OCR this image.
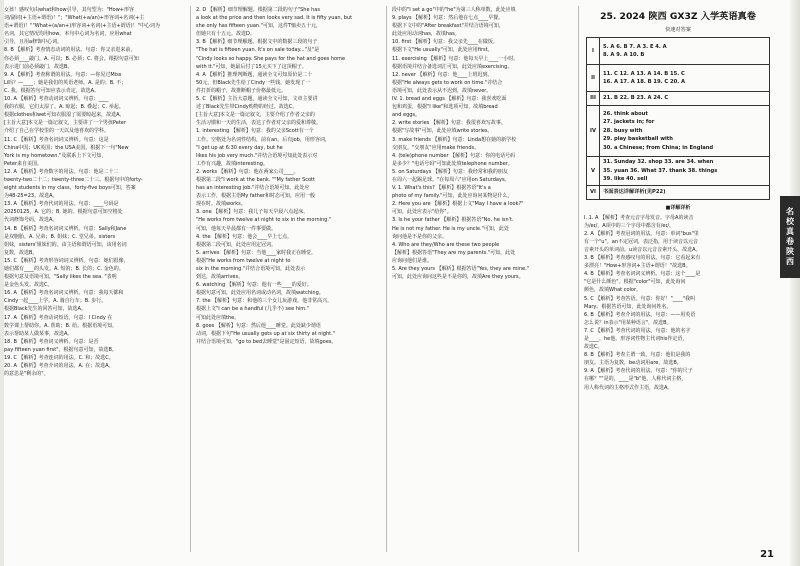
女孩！感叹句由what和how引导，其句型为："How+形容
词/副词(+主语+谓语)！"；"What(+a/an)+形容词+名词(+主
语+谓语)！""What+(a/an+)形容词+名词(+主语+谓语)！"中心词为
名词，其它情况均用how。本句中心词为名词，应用what
引导，且用a修饰中心词。
8. B 【解析】考查情态动词的用法。句意：你父亲进来前，
你必须____敲门。A. 可以；B. 必须；C. 将会。根据句意可知
表示进门前必须敲门，故选B。
9. A 【解析】考查称谓的用法。句意：—你见过Miss
Li吗？—____；她是我们的英语老师。A. 是的；B. 不；
C. 我。根据答句可知应表示肯定，故选A。
10. A 【解析】考查动词词义辨析。句意：____
我的衣服，它们太湿了。A. 晾起；B. 叠起；C. 举起。
根据clothes和wet可知衣服湿了需要晾起来，故选A。
[主旨大意]本文是一篇记叙文，主要讲了一个男孩Peter
介绍了自己在学校里的一天以及他喜欢的学科。
11. C 【解析】考查名词词义辨析。句意：这是
China中国；UK英国；the USA美国。根据下一句"New
York is my hometown."及联系上下文可知，
Peter来自美国。
12. A 【解析】考查数字的用法。句意：他是二十二
twenty-two二十二；twenty-three二十三。根据句中的forty-
eight students in my class、forty-five boys可知，答案
为48-25=23。故选A。
13. A 【解析】考查代词的用法。句意：____号码是
20250125。A. 它的；B. 她的。根据句意可知空格处
代词修饰号码，故选A。
14. B 【解析】考查名词词义辨析。句意：Sally和Jane
是双胞胎。A. 兄弟；B. 姐妹；C. 堂兄弟。sisters
姐妹，sisters'姐妹们的。由主语和谓语可知，该用名词
复数，故选B。
15. C 【解析】考查形容词词义辨析。句意：她们很像，
她们都有____的头发。A. 短的；B. 长的；C. 金色的。
根据句意及语境可知，"Sally likes the sea. "表明
是金色头发。故选C。
16. A 【解析】考查名词词义辨析。句意：我每天都和
Cindy一起____上学。A. 骑自行车；B. 步行。
根据Black先生的回答可知，故选A。
17. A 【解析】考查动词短语。句意：I Cindy 在
数学课上帮助你。A. 帮助；B. 给。根据语境可知，
表示帮助某人做某事，故选A。
18. B 【解析】考查词义辨析。句意：是否
pay fifteen yuan first"，根据句意可知，故选B。
19. C 【解析】考查连词的用法。C. 和；故选C。
20. A 【解析】考查介词的用法。A. 在；故选A。
的意思是"剩余的"。
2. D 【解析】细节理解题。根据第二段的句子"She has
a look at the price and then looks very sad. It is fifty yuan, but
she only has fifteen yuan."可知，这件T恤卖五十元，
但她只有十五元。故选D。
3. B 【解析】细节理解题。根据文中的数据三段的句子
"The hat is fifteen yuan. It's on sale today..."及"是
"Cindy looks so happy. She pays for the hat and goes home
with it."可知，她最后付了15元买下了这顶帽子。
4. A 【解析】推理判断题。通读全文可知原价是二十
50元，但Black先生给了Cindy一些钱，她发现了一
件打折的帽子，故推断帽子价格最低元。
5. C 【解析】主旨大意题。通读全文可知，文章主要讲
述了Black先生带Cindy购物的经过。故选C。
[主旨大意]本文是一篇记叙文，主要介绍了作者父亲的
生活习惯和一天的生活，表达了作者对父亲的爱和尊敬。
1. interesting 【解析】句意：我的父亲Scott有一个
工作。空格处为名词性结构，前有an，后有job，用形容词，
"I get up at 6:30 every day, but he
likes his job very much."并结合语境可知此处表示对
工作有兴趣，故填interesting。
2. works 【解析】句意：他在两家公司____。
根据第二段"I work at the bank. ""My father Scott
has an interesting job."并结合语境可知，此处应
表示工作，根据主语My father和时态可知，应用一般
现在时。故填works。
3. one 【解析】句意：我儿子每天早晨六点起床，
"He works from twelve at night to six in the morning."
可知，他每天早晨都有一件事要做。
4. the 【解析】句意：他会____早上七点。
根据第二段可知，此处应用定冠词。
5. arrives 【解析】句意：当他____家时我正在睡觉，
根据"He works from twelve at night to
six in the morning."并结合语境可知，此处表示
到达，故填arrives。
6. watching 【解析】句意：他有一些____的爱好。
根据句意可知，此处应用名词或动名词，故填watching。
7. the 【解析】句意：和他的三个女儿玩游戏，他非常高兴。
根据上文"I can be a handful (几乎不) see him."
可知此处应填the。
8. goes 【解析】句意：然后他____睡觉。此处缺少谓语
动词，根据下句"He usually gets up at six thirty at night."
并结合语境可知，"go to bed去睡觉"是固定短语，故填goes。
段中的"I set a go"中的"he"为第三人称单数，此处应填
9. plays 【解析】句意：然后他在七点____早餐。
根据下文中的"After breakfast"并结合语境可知，
此处应用动词has，故填has。
10. first 【解析】句意：我父亲先____在做饭。
根据下文"He usually"可知，此处应用first。
11. exercising 【解析】句意：他每天早上____一小时。
根据语境并结合备选词汇可知，此处应填exercising。
12. never 【解析】句意：他____上班迟到。
根据"He always gets to work on time."并结合
语境可知，此处表示从不迟到，故填never。
IV. 1. bread and eggs 【解析】句意：我喜欢吃面
包和鸡蛋，根据"I like"和选项可知，故填bread
and eggs。
2. write stories 【解析】句意：我很喜欢写故事。
根据"写故事"可知，此处应填write stories。
3. make friends 【解析】句意：Linda想在她的新学校
交朋友。"交朋友"应用make friends。
4. (tele)phone number 【解析】句意：你的电话号码
是多少？"电话号码"可知此处填telephone number。
5. on Saturdays 【解析】句意：我经常和我的朋友
在周六一起踢足球。"在每周六"应用on Saturdays。
V. 1. What's this? 【解析】根据答语"It's a
photo of my family."可知，此处应询问某物是什么。
2. Here you are 【解析】根据上文"May I have a look?"
可知，此处应表示"给你"。
3. Is he your father 【解析】根据答语"No, he isn't.
He is not my father. He is my uncle."可知，此处
询问他是不是你的父亲。
4. Who are they/Who are these two people
【解析】根据答语"They are my parents."可知，此处
应询问他们是谁。
5. Are they yours 【解析】根据答语"Yes, they are mine."
可知，此处应询问这些是不是你的，故填Are they yours。
25. 2024 陕西 GX3Z 入学英语真卷
快速对答案
I
5. A 6. B 7. A 3. E 4. A
8. A 9. A 10. B
II
11. C 12. A 13. A 14. B 15. C
16. A 17. A 18. B 19. C 20. A
III	21. B 22. B 23. A 24. C
IV
26. think about
27. jackets in; for
28. busy with
29. play basketball with
30. a Chinese; from China; in England
V
31. Sunday 32. shop 33. are 34. when
35. yuan 36. What 37. thank 38. things
39. like 40. sell
VI	书面表达详解详析(见P22)
■详解详析
I. 1. A 【解析】考查元音字母发音。字母A的读音
为/eɪ/，A项中的三个字母中都含有/eɪ/。
2. A 【解析】考查冠词的用法。句意：单词"bus"里
有一个"u"。an不定冠词，表泛指，用于读音以元音
音素开头的单词前。u读音以元音音素开头，故选A。
3. B 【解析】考查感叹句的用法。句意：它看起来有
多漂亮！"How+形容词+主语+谓语！"故选B。
4. B 【解析】考查名词词义辨析。句意：这个____是
"它是什么颜色"。根据"color"可知，此处询问
颜色，故填What color。
5. C 【解析】考查答语。句意：你好！"____"我叫
Mary。根据答语可知，此处询问姓名。
6. B 【解析】考查介词的用法。句意：——用英语
怎么说？in表示"用某种语言"，故选B。
7. C 【解析】考查代词的用法。句意：他的名字
是____。he他，形容词性物主代词his作定语，
故选C。
8. B 【解析】考查主谓一致。句意：他们是我的
朋友。主语为复数，be动词用are，故选B。
9. A 【解析】考查代词的用法。句意："你的尺子
在哪？""是的，____是"b"他，人称代词主格，
用人称代词的主格形式作主语，故选A。
名
校
真
卷
陕
西
21
